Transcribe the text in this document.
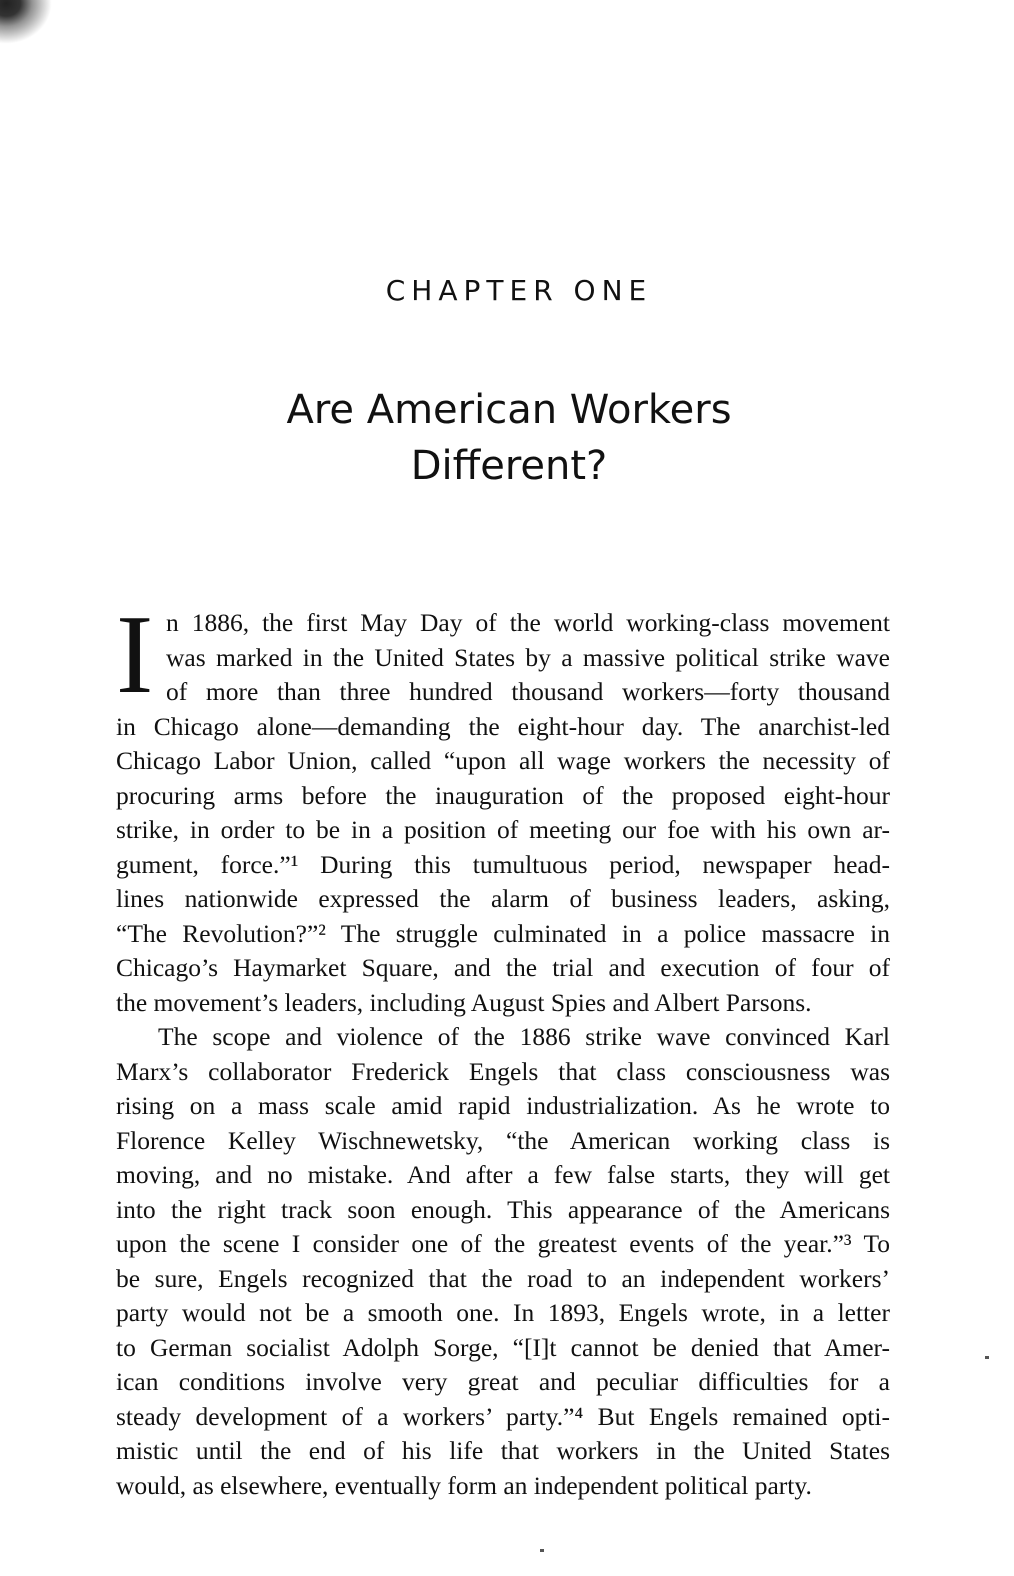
CHAPTER ONE
Are American Workers
Different?
I n 1886, the first May Day of the world working-class movement
was marked in the United States by a massive political strike wave
of more than three hundred thousand workers—forty thousand
in Chicago alone—demanding the eight-hour day. The anarchist-led
Chicago Labor Union, called “upon all wage workers the necessity of
procuring arms before the inauguration of the proposed eight-hour
strike, in order to be in a position of meeting our foe with his own ar-
gument, force.”¹ During this tumultuous period, newspaper head-
lines nationwide expressed the alarm of business leaders, asking,
“The Revolution?”² The struggle culminated in a police massacre in
Chicago’s Haymarket Square, and the trial and execution of four of
the movement’s leaders, including August Spies and Albert Parsons.
The scope and violence of the 1886 strike wave convinced Karl
Marx’s collaborator Frederick Engels that class consciousness was
rising on a mass scale amid rapid industrialization. As he wrote to
Florence Kelley Wischnewetsky, “the American working class is
moving, and no mistake. And after a few false starts, they will get
into the right track soon enough. This appearance of the Americans
upon the scene I consider one of the greatest events of the year.”³ To
be sure, Engels recognized that the road to an independent workers’
party would not be a smooth one. In 1893, Engels wrote, in a letter
to German socialist Adolph Sorge, “[I]t cannot be denied that Amer-
ican conditions involve very great and peculiar difficulties for a
steady development of a workers’ party.”⁴ But Engels remained opti-
mistic until the end of his life that workers in the United States
would, as elsewhere, eventually form an independent political party.
